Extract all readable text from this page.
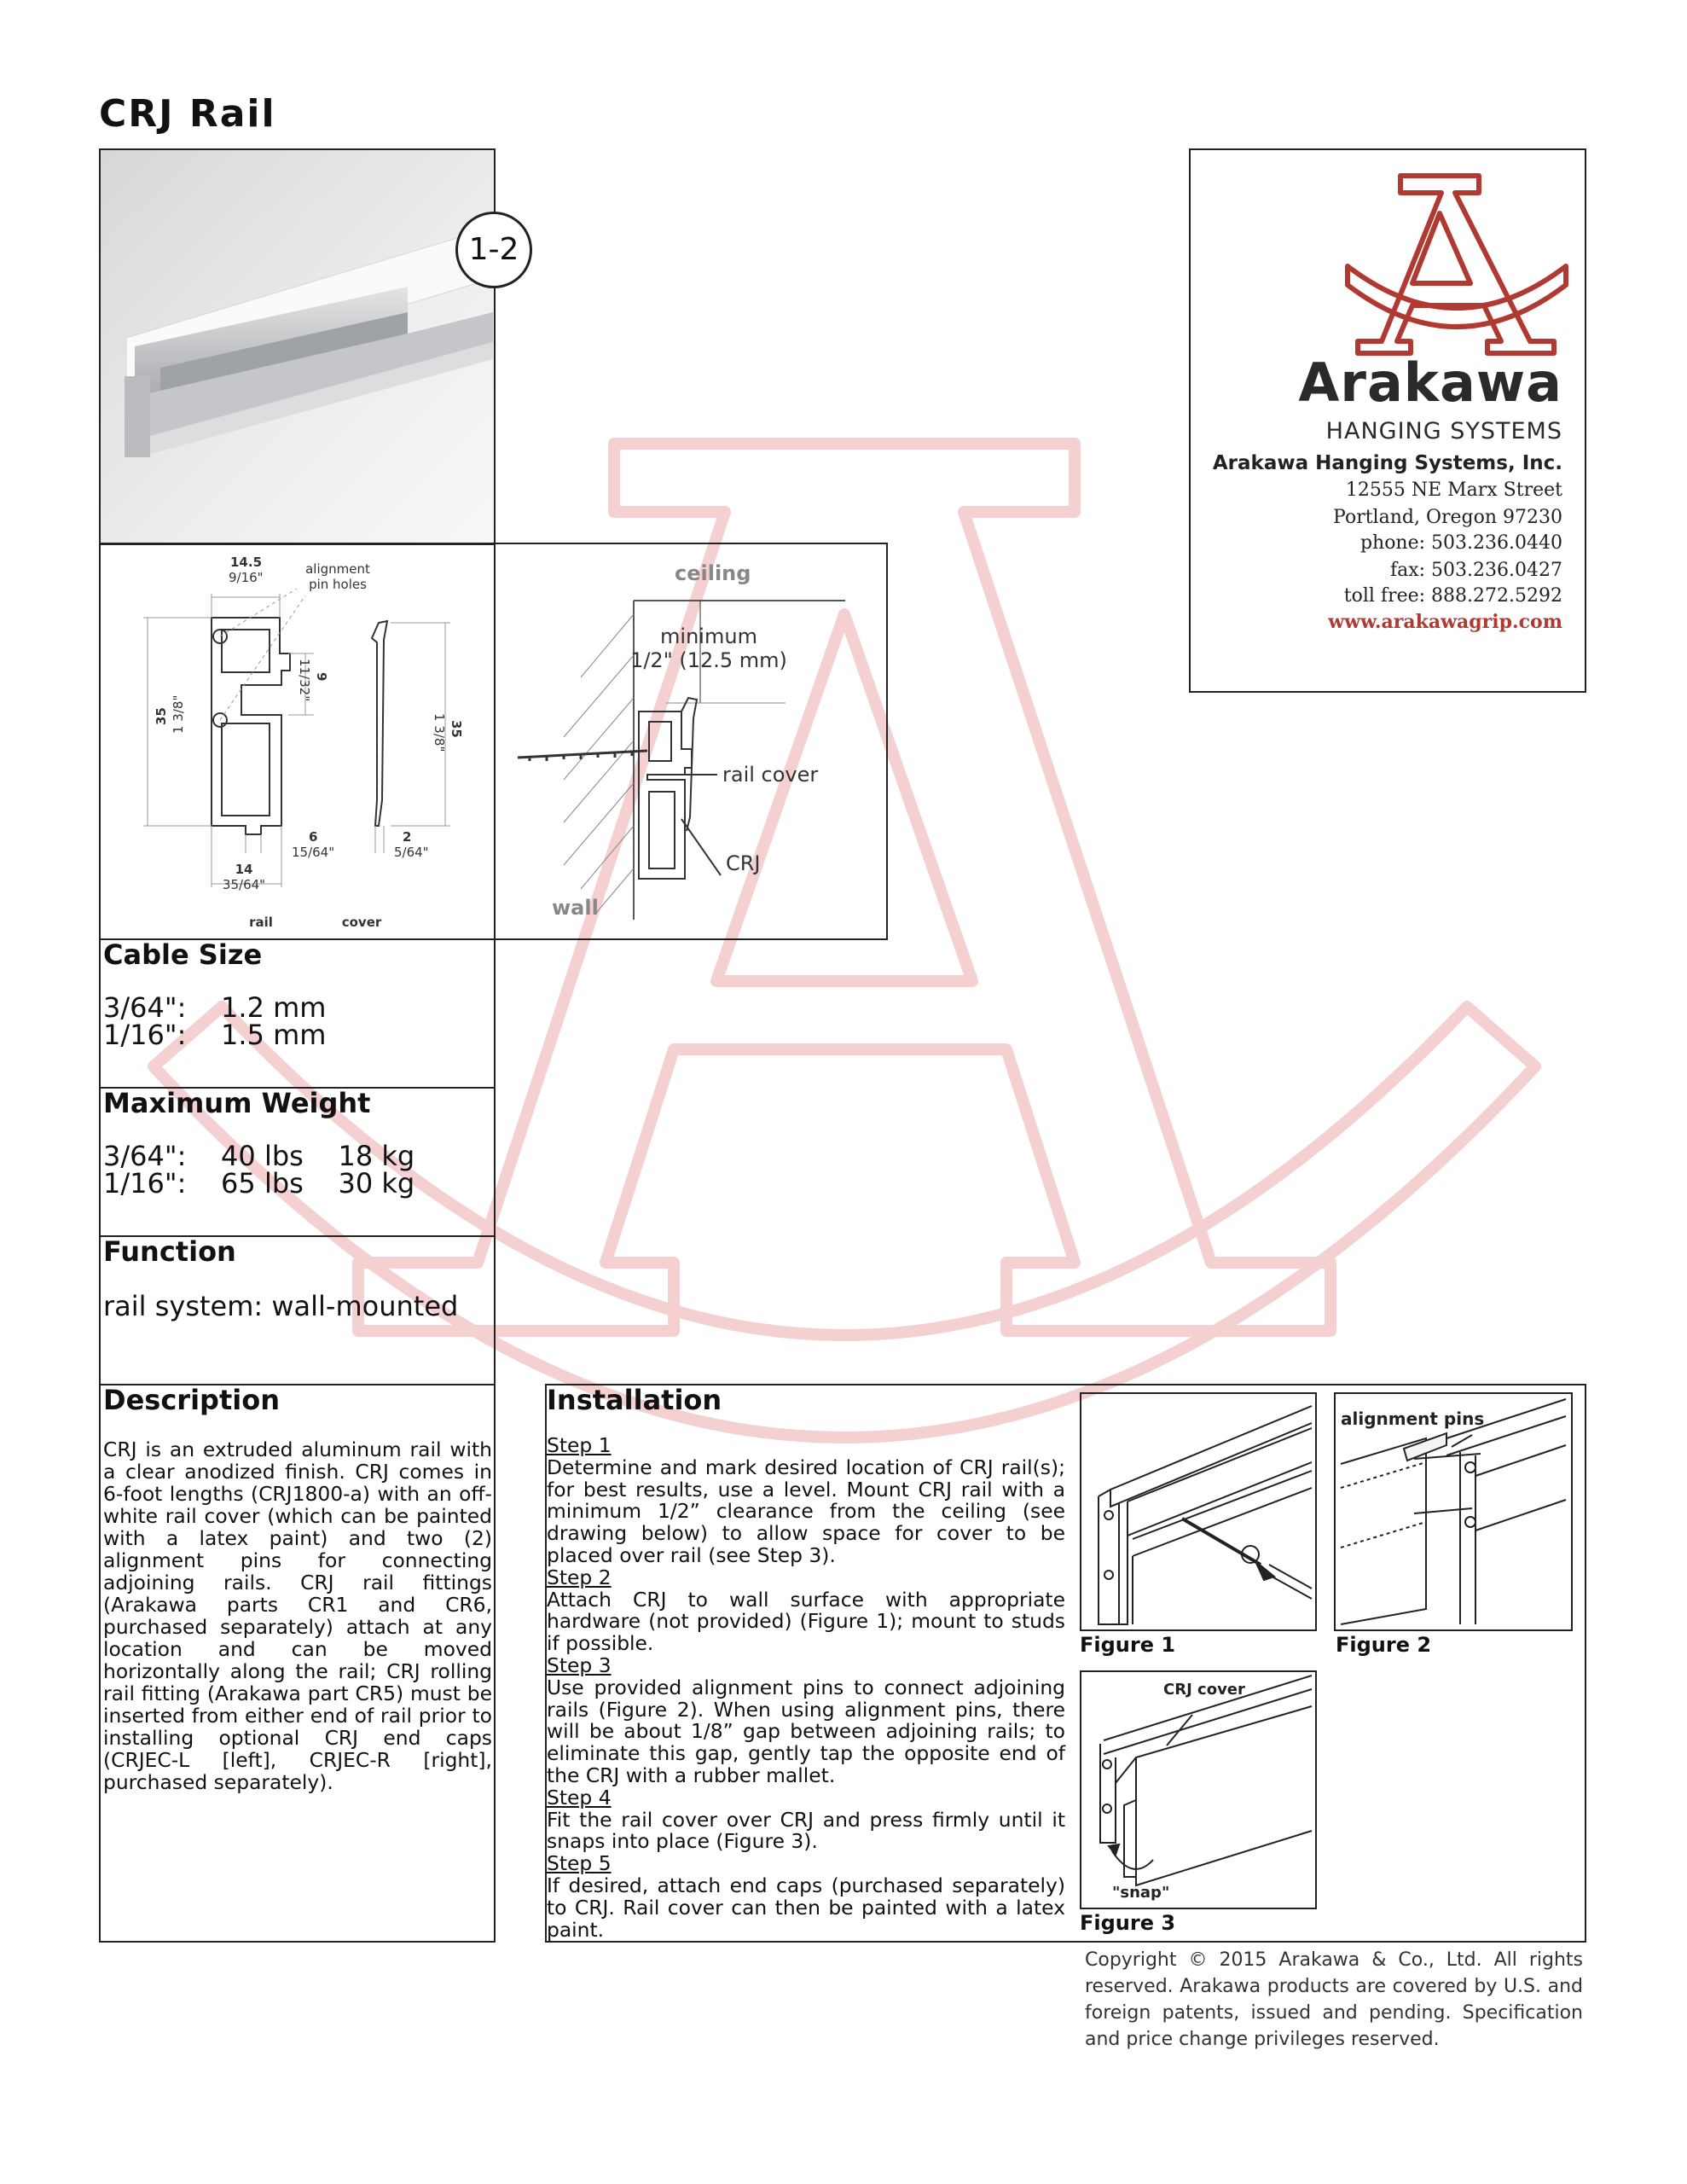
CRJ Rail
1-2
Arakawa
HANGING SYSTEMS
Arakawa Hanging Systems, Inc.
12555 NE Marx Street
Portland, Oregon 97230
phone: 503.236.0440
fax: 503.236.0427
toll free: 888.272.5292
www.arakawagrip.com
14.5
9/16"
alignment
pin holes
35 1 3/8"
9
11/32"
1 3/8" 35
6
15/64"
2
5/64"
14
35/64"
rail	cover
ceiling
minimum
1/2" (12.5 mm)
rail cover
CRJ
wall
Cable Size
3/64":    1.2 mm
1/16":    1.5 mm
Maximum Weight
3/64":    40 lbs    18 kg
1/16":    65 lbs    30 kg
Function
rail system: wall-mounted
Description
CRJ is an extruded aluminum rail with a clear anodized finish. CRJ comes in 6-foot lengths (CRJ1800-a) with an off-white rail cover (which can be painted with a latex paint) and two (2) alignment pins for connecting adjoining rails. CRJ rail fittings (Arakawa parts CR1 and CR6, purchased separately) attach at any location and can be moved horizontally along the rail; CRJ rolling rail fitting (Arakawa part CR5) must be inserted from either end of rail prior to installing optional CRJ end caps (CRJEC-L [left], CRJEC-R [right], purchased separately).
Installation
Step 1
Determine and mark desired location of CRJ rail(s); for best results, use a level. Mount CRJ rail with a minimum 1/2” clearance from the ceiling (see drawing below) to allow space for cover to be placed over rail (see Step 3).
Step 2
Attach CRJ to wall surface with appropriate hardware (not provided) (Figure 1); mount to studs if possible.
Step 3
Use provided alignment pins to connect adjoining rails (Figure 2). When using alignment pins, there will be about 1/8” gap between adjoining rails; to eliminate this gap, gently tap the opposite end of the CRJ with a rubber mallet.
Step 4
Fit the rail cover over CRJ and press firmly until it snaps into place (Figure 3).
Step 5
If desired, attach end caps (purchased separately) to CRJ. Rail cover can then be painted with a latex paint.
Figure 1
alignment pins
Figure 2
CRJ cover
"snap"
Figure 3
Copyright © 2015 Arakawa & Co., Ltd. All rights reserved. Arakawa products are covered by U.S. and foreign patents, issued and pending. Specification and price change privileges reserved.
